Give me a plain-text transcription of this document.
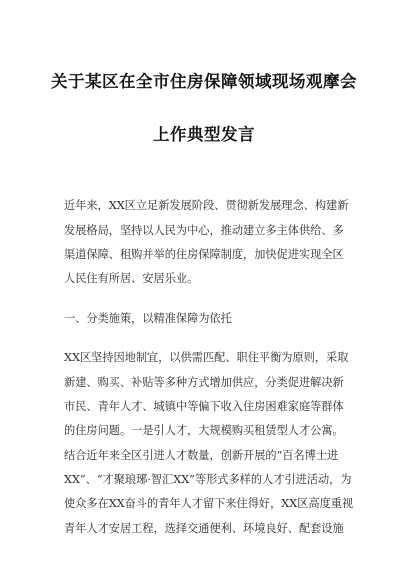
关于某区在全市住房保障领域现场观摩会
上作典型发言
近年来，XX区立足新发展阶段、贯彻新发展理念、构建新
发展格局，坚持以人民为中心，推动建立多主体供给、多
渠道保障、租购并举的住房保障制度，加快促进实现全区
人民住有所居、安居乐业。
一、分类施策，以精准保障为依托
XX区坚持因地制宜，以供需匹配、职住平衡为原则，采取
新建、购买、补贴等多种方式增加供应，分类促进解决新
市民、青年人才、城镇中等偏下收入住房困难家庭等群体
的住房问题。一是引人才，大规模购买租赁型人才公寓。
结合近年来全区引进人才数量，创新开展的“百名博士进
XX”、“才聚琅琊·智汇XX”等形式多样的人才引进活动，为
使众多在XX奋斗的青年人才留下来住得好，XX区高度重视
青年人才安居工程，选择交通便利、环境良好、配套设施
